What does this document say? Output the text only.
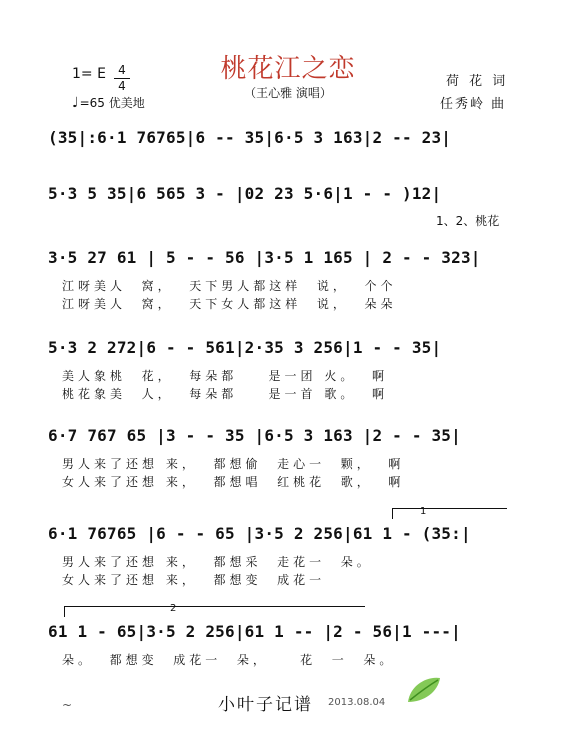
1= E	4
4
♩=65 优美地
桃花江之恋
（王心雅 演唱）
荷 花 词
任秀岭 曲
(35|:6·1 76765|6 -- 35|6·5 3 163|2 -- 23|
5·3 5 35|6 565 3 - |02 23 5·6|1 - - )12|
1、2、桃花
3·5 27 61 | 5 - - 56 |3·5 1 165 | 2 - - 323|
江呀美人  窝，  天下男人都这样  说，  个个
江呀美人  窝，  天下女人都这样  说，  朵朵
5·3 2 272|6 - - 561|2·35 3 256|1 - - 35|
美人象桃  花，  每朵都    是一团 火。  啊
桃花象美  人，  每朵都    是一首 歌。  啊
6·7 767 65 |3 - - 35 |6·5 3 163 |2 - - 35|
男人来了还想 来，  都想偷  走心一  颗，  啊
女人来了还想 来，  都想唱  红桃花  歌，  啊
1
6·1 76765 |6 - - 65 |3·5 2 256|61 1 - (35:|
男人来了还想 来，  都想采  走花一  朵。
女人来了还想 来，  都想变  成花一
2
61 1 - 65|3·5 2 256|61 1 -- |2 - 56|1 ---|
朵。  都想变  成花一  朵，    花  一  朵。
~	小叶子记谱 2013.08.04
